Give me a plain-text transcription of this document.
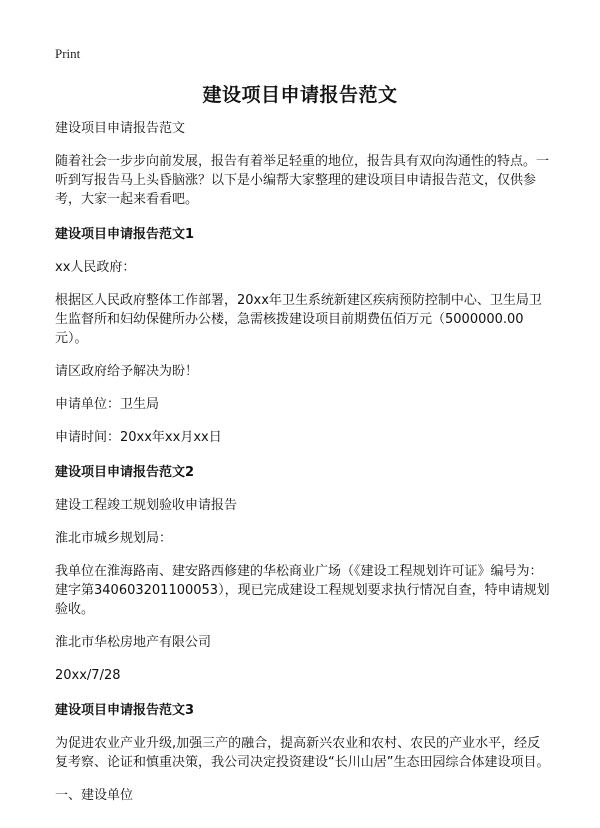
Print
建设项目申请报告范文

建设项目申请报告范文

随着社会一步步向前发展，报告有着举足轻重的地位，报告具有双向沟通性的特点。一听到写报告马上头昏脑涨？以下是小编帮大家整理的建设项目申请报告范文，仅供参考，大家一起来看看吧。

建设项目申请报告范文1

xx人民政府：

根据区人民政府整体工作部署，20xx年卫生系统新建区疾病预防控制中心、卫生局卫生监督所和妇幼保健所办公楼，急需核拨建设项目前期费伍佰万元（5000000.00元）。

请区政府给予解决为盼！

申请单位：卫生局

申请时间：20xx年xx月xx日

建设项目申请报告范文2

建设工程竣工规划验收申请报告

淮北市城乡规划局：

我单位在淮海路南、建安路西修建的华松商业广场（《建设工程规划许可证》编号为：建字第340603201100053），现已完成建设工程规划要求执行情况自查，特申请规划验收。

淮北市华松房地产有限公司

20xx/7/28

建设项目申请报告范文3

为促进农业产业升级,加强三产的融合，提高新兴农业和农村、农民的产业水平，经反复考察、论证和慎重决策，我公司决定投资建设“长川山居”生态田园综合体建设项目。

一、建设单位
